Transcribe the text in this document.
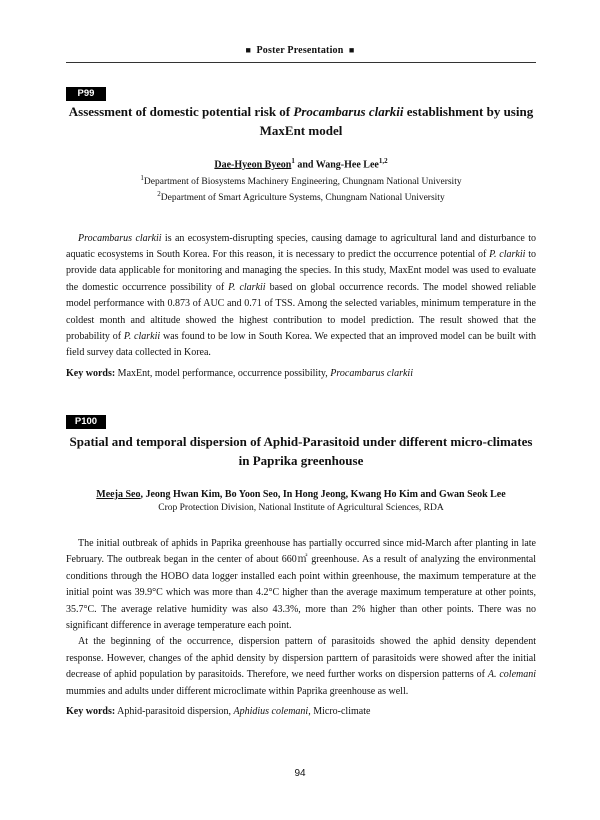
■ Poster Presentation ■
P99

Assessment of domestic potential risk of Procambarus clarkii establishment by using MaxEnt model

Dae-Hyeon Byeon$^1$ and Wang-Hee Lee$^{1,2}$
$^1$Department of Biosystems Machinery Engineering, Chungnam National University
$^2$Department of Smart Agriculture Systems, Chungnam National University

Procambarus clarkii is an ecosystem-disrupting species, causing damage to agricultural land and disturbance to aquatic ecosystems in South Korea. For this reason, it is necessary to predict the occurrence potential of P. clarkii to provide data applicable for monitoring and managing the species. In this study, MaxEnt model was used to evaluate the domestic occurrence possibility of P. clarkii based on global occurrence records. The model showed reliable model performance with 0.873 of AUC and 0.71 of TSS. Among the selected variables, minimum temperature in the coldest month and altitude showed the highest contribution to model prediction. The result showed that the probability of P. clarkii was found to be low in South Korea. We expected that an improved model can be built with field survey data collected in Korea.

Key words: MaxEnt, model performance, occurrence possibility, Procambarus clarkii
P100

Spatial and temporal dispersion of Aphid-Parasitoid under different micro-climates in Paprika greenhouse

Meeja Seo, Jeong Hwan Kim, Bo Yoon Seo, In Hong Jeong, Kwang Ho Kim and Gwan Seok Lee
Crop Protection Division, National Institute of Agricultural Sciences, RDA

The initial outbreak of aphids in Paprika greenhouse has partially occurred since mid-March after planting in late February. The outbreak began in the center of about 660㎡ greenhouse. As a result of analyzing the environmental conditions through the HOBO data logger installed each point within greenhouse, the maximum temperature at the initial point was 39.9°C which was more than 4.2°C higher than the average maximum temperature at other points, 35.7°C. The average relative humidity was also 43.3%, more than 2% higher than other points. There was no significant difference in average temperature each point.

At the beginning of the occurrence, dispersion pattern of parasitoids showed the aphid density dependent response. However, changes of the aphid density by dispersion parttern of parasitoids were showed after the initial decrease of aphid population by parasitoids. Therefore, we need further works on dispersion patterns of A. colemani mummies and adults under different microclimate within Paprika greenhouse as well.

Key words: Aphid-parasitoid dispersion, Aphidius colemani, Micro-climate
94
